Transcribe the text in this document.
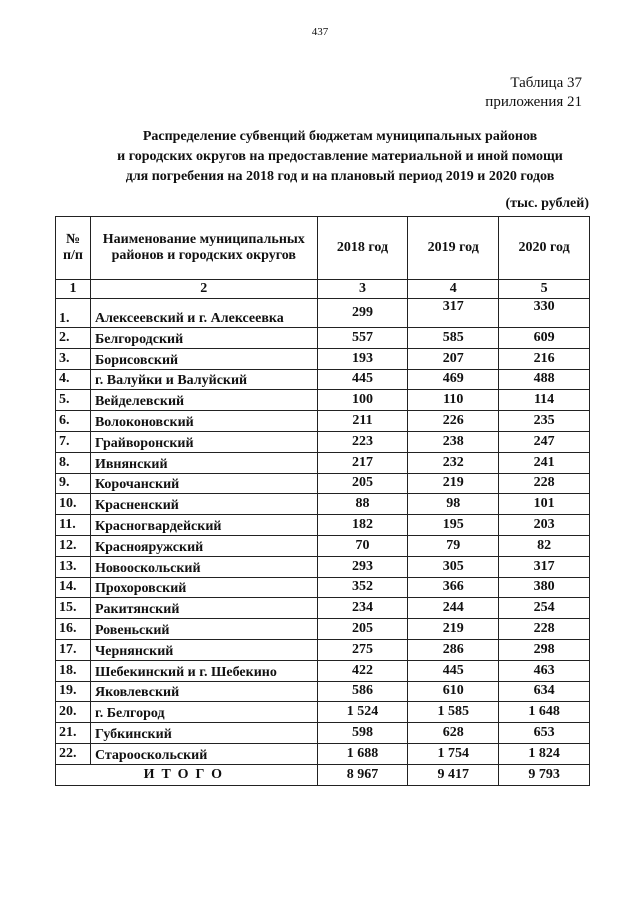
437
Таблица 37
приложения 21
Распределение субвенций бюджетам муниципальных районов
и городских округов на предоставление материальной и иной помощи
для погребения на 2018 год и на плановый период 2019 и 2020 годов
(тыс. рублей)
№ п/п	Наименование муниципальных районов и городских округов	2018 год	2019 год	2020 год
1	2	3	4	5
1.	Алексеевский и г. Алексеевка	299	317	330
2.	Белгородский	557	585	609
3.	Борисовский	193	207	216
4.	г. Валуйки и Валуйский	445	469	488
5.	Вейделевский	100	110	114
6.	Волоконовский	211	226	235
7.	Грайворонский	223	238	247
8.	Ивнянский	217	232	241
9.	Корочанский	205	219	228
10.	Красненский	88	98	101
11.	Красногвардейский	182	195	203
12.	Краснояружский	70	79	82
13.	Новооскольский	293	305	317
14.	Прохоровский	352	366	380
15.	Ракитянский	234	244	254
16.	Ровеньский	205	219	228
17.	Чернянский	275	286	298
18.	Шебекинский и г. Шебекино	422	445	463
19.	Яковлевский	586	610	634
20.	г. Белгород	1 524	1 585	1 648
21.	Губкинский	598	628	653
22.	Старооскольский	1 688	1 754	1 824
ИТОГО		8 967	9 417	9 793
